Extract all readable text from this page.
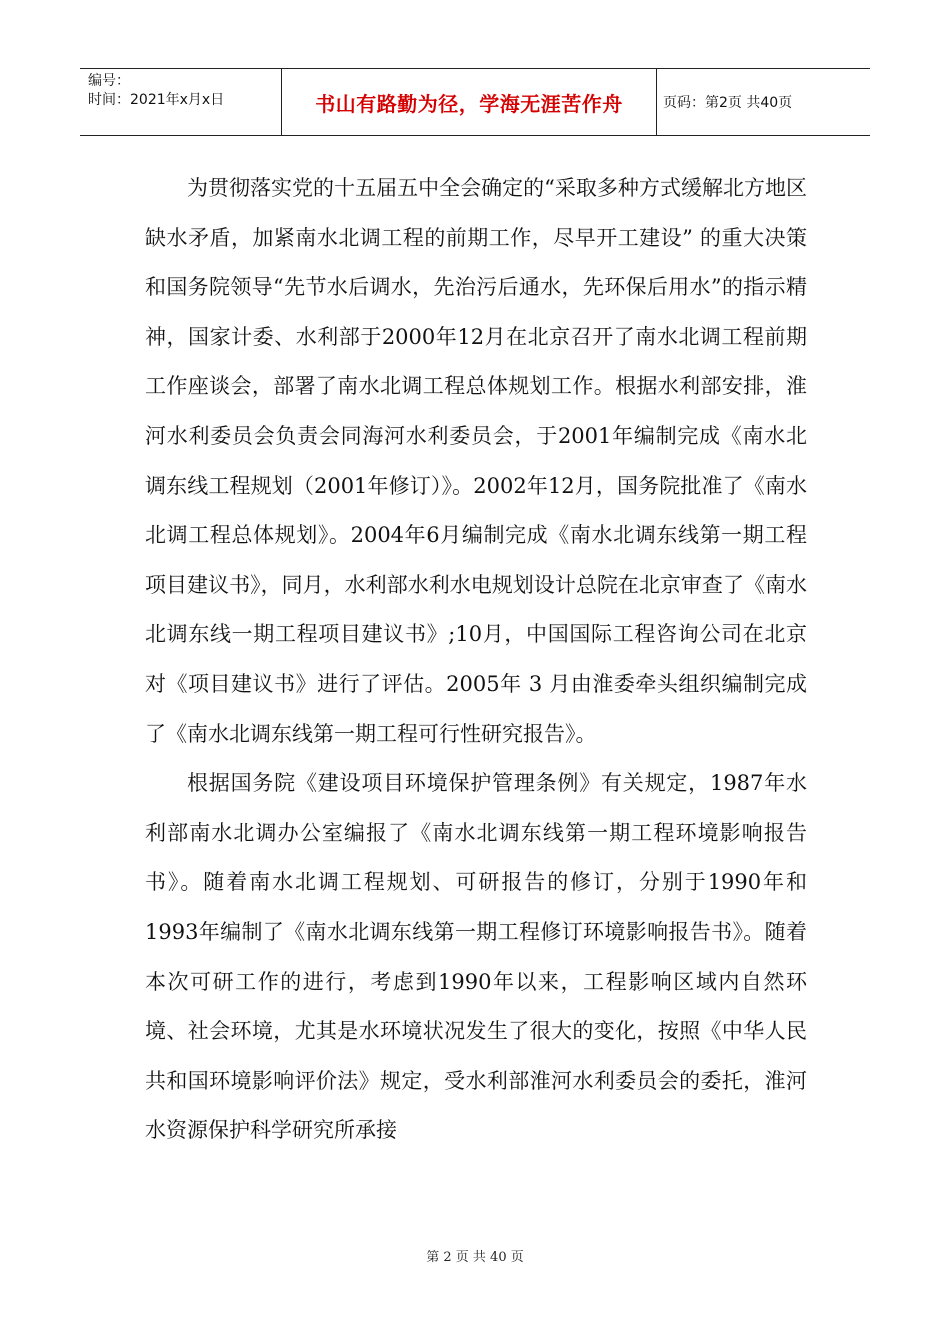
编号：
时间：2021年x月x日	书山有路勤为径，学海无涯苦作舟	页码：第2页 共40页

为贯彻落实党的十五届五中全会确定的“采取多种方式缓解北方地区缺水矛盾，加紧南水北调工程的前期工作，尽早开工建设” 的重大决策和国务院领导“先节水后调水，先治污后通水，先环保后用水”的指示精神，国家计委、水利部于2000年12月在北京召开了南水北调工程前期工作座谈会，部署了南水北调工程总体规划工作。根据水利部安排，淮河水利委员会负责会同海河水利委员会，于2001年编制完成《南水北调东线工程规划（2001年修订）》。2002年12月，国务院批准了《南水北调工程总体规划》。2004年6月编制完成《南水北调东线第一期工程项目建议书》，同月，水利部水利水电规划设计总院在北京审查了《南水北调东线一期工程项目建议书》;10月，中国国际工程咨询公司在北京对《项目建议书》进行了评估。2005年 3 月由淮委牵头组织编制完成了《南水北调东线第一期工程可行性研究报告》。

根据国务院《建设项目环境保护管理条例》有关规定，1987年水利部南水北调办公室编报了《南水北调东线第一期工程环境影响报告书》。随着南水北调工程规划、可研报告的修订，分别于1990年和1993年编制了《南水北调东线第一期工程修订环境影响报告书》。随着本次可研工作的进行，考虑到1990年以来，工程影响区域内自然环境、社会环境，尤其是水环境状况发生了很大的变化，按照《中华人民共和国环境影响评价法》规定，受水利部淮河水利委员会的委托，淮河水资源保护科学研究所承接

第 2 页 共 40 页
